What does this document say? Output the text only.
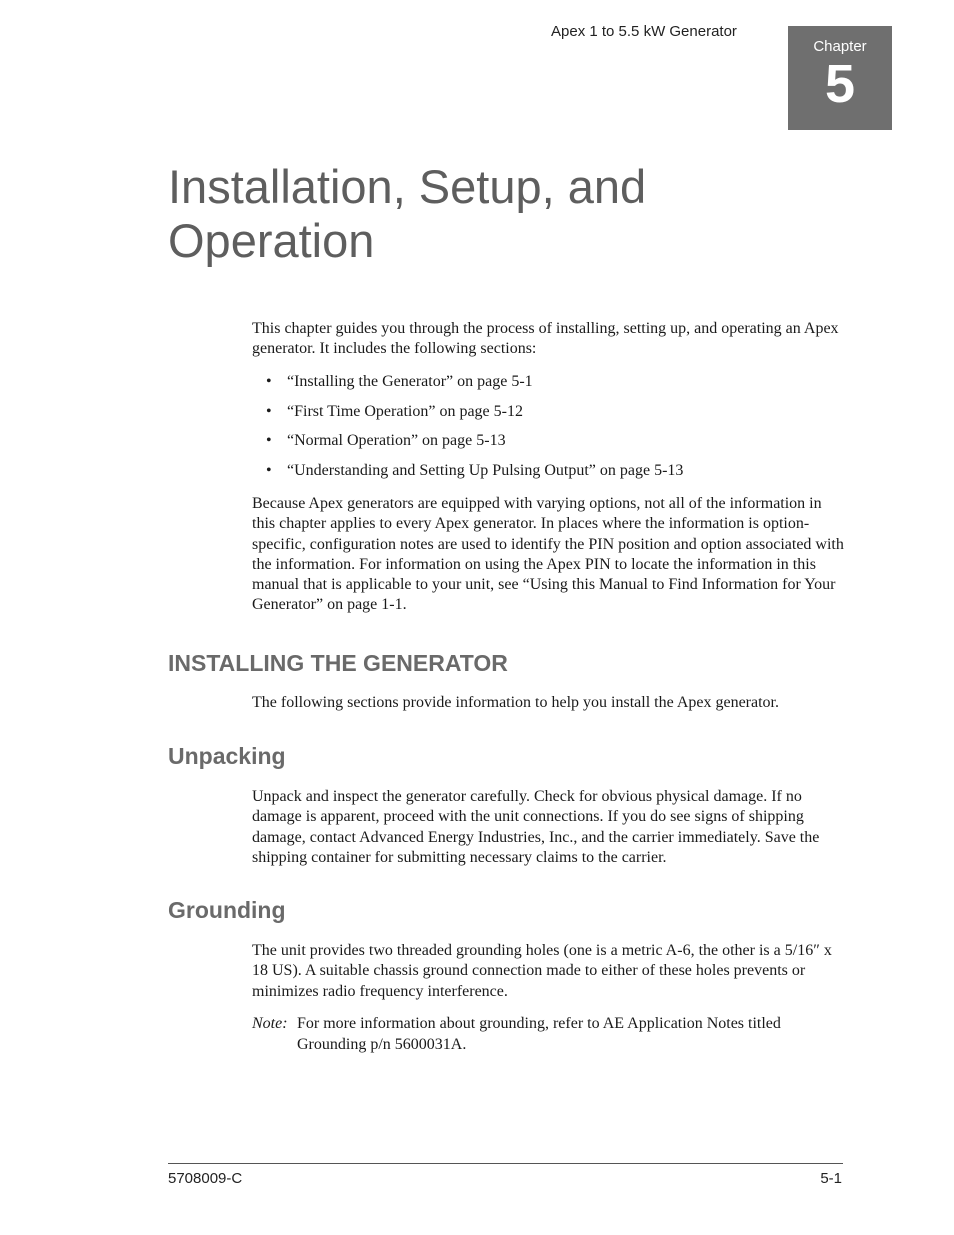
Apex 1 to 5.5 kW Generator
Chapter
5
Installation, Setup, and Operation

This chapter guides you through the process of installing, setting up, and operating an Apex generator. It includes the following sections:

• “Installing the Generator” on page 5-1
• “First Time Operation” on page 5-12
• “Normal Operation” on page 5-13
• “Understanding and Setting Up Pulsing Output” on page 5-13

Because Apex generators are equipped with varying options, not all of the information in this chapter applies to every Apex generator. In places where the information is option-specific, configuration notes are used to identify the PIN position and option associated with the information. For information on using the Apex PIN to locate the information in this manual that is applicable to your unit, see “Using this Manual to Find Information for Your Generator” on page 1-1.

INSTALLING THE GENERATOR

The following sections provide information to help you install the Apex generator.

Unpacking

Unpack and inspect the generator carefully. Check for obvious physical damage. If no damage is apparent, proceed with the unit connections. If you do see signs of shipping damage, contact Advanced Energy Industries, Inc., and the carrier immediately. Save the shipping container for submitting necessary claims to the carrier.

Grounding

The unit provides two threaded grounding holes (one is a metric A-6, the other is a 5/16″ x 18 US). A suitable chassis ground connection made to either of these holes prevents or minimizes radio frequency interference.

Note: For more information about grounding, refer to AE Application Notes titled Grounding p/n 5600031A.
5708009-C	5-1
